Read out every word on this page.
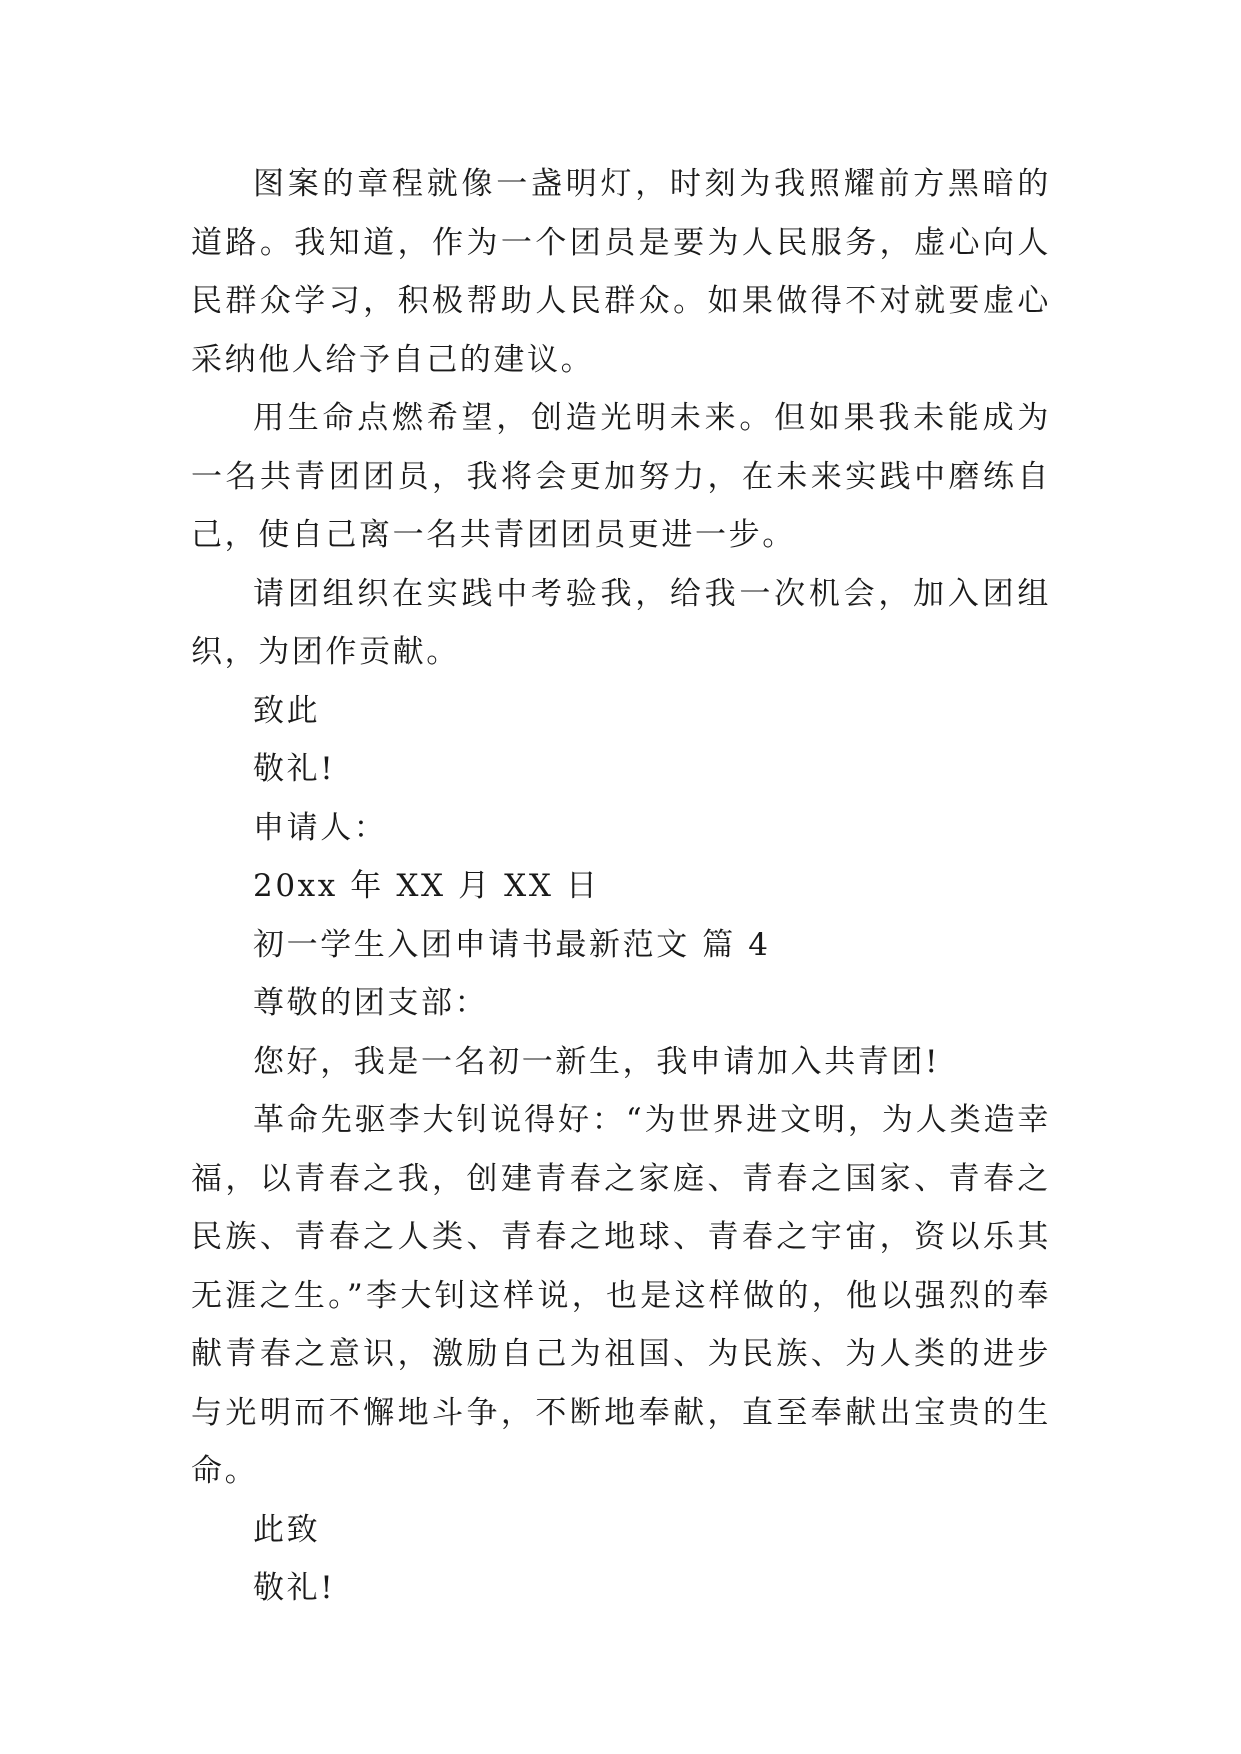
图案的章程就像一盏明灯，时刻为我照耀前方黑暗的道路。我知道，作为一个团员是要为人民服务，虚心向人民群众学习，积极帮助人民群众。如果做得不对就要虚心采纳他人给予自己的建议。

用生命点燃希望，创造光明未来。但如果我未能成为一名共青团团员，我将会更加努力，在未来实践中磨练自己，使自己离一名共青团团员更进一步。

请团组织在实践中考验我，给我一次机会，加入团组织，为团作贡献。

致此

敬礼!

申请人：

20xx 年 XX 月 XX 日

初一学生入团申请书最新范文 篇 4

尊敬的团支部：

您好，我是一名初一新生，我申请加入共青团!

革命先驱李大钊说得好：“为世界进文明，为人类造幸福，以青春之我，创建青春之家庭、青春之国家、青春之民族、青春之人类、青春之地球、青春之宇宙，资以乐其无涯之生。”李大钊这样说，也是这样做的，他以强烈的奉献青春之意识，激励自己为祖国、为民族、为人类的进步与光明而不懈地斗争，不断地奉献，直至奉献出宝贵的生命。

此致

敬礼!
